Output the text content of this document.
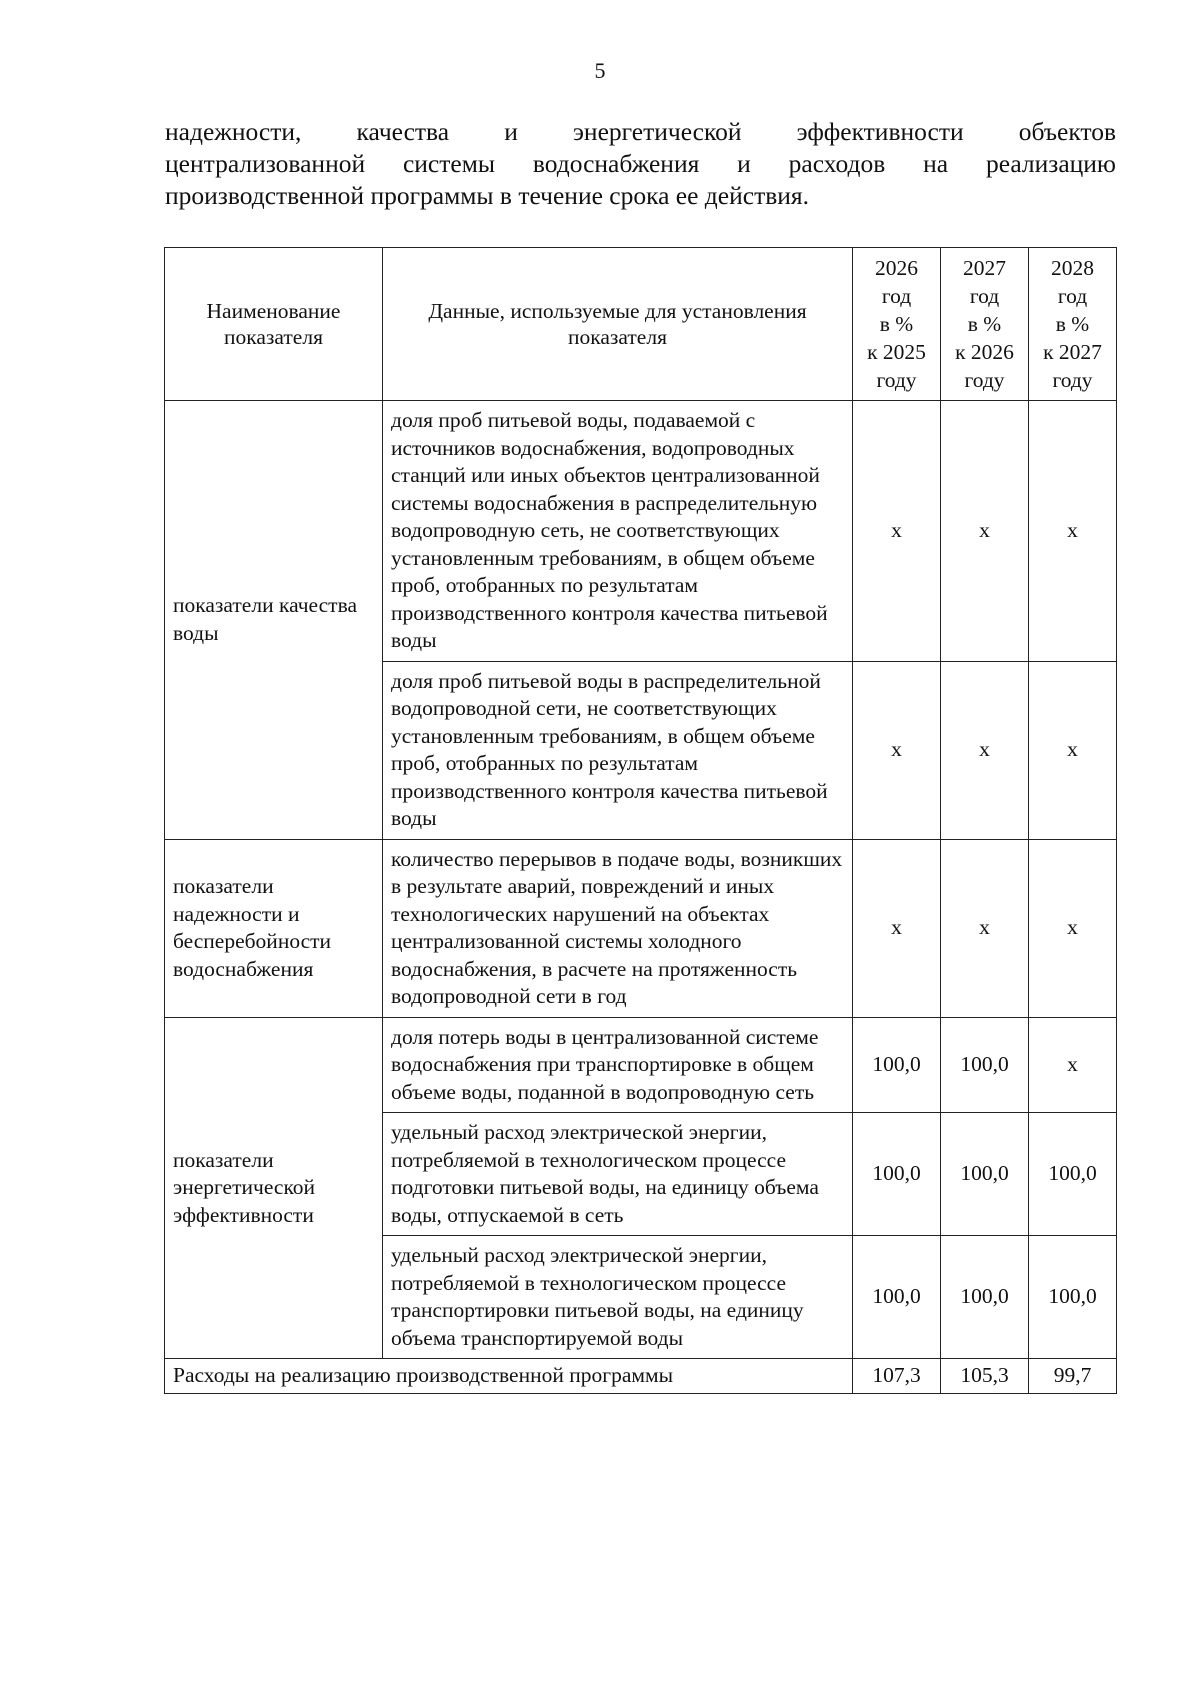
5

надежности, качества и энергетической эффективности объектов

централизованной системы водоснабжения и расходов на реализацию

производственной программы в течение срока ее действия.

Наименование показателя	Данные, используемые для установления показателя	2026
год
в %
к 2025
году	2027
год
в %
к 2026
году	2028
год
в %
к 2027
году

показатели качества воды	доля проб питьевой воды, подаваемой с источников водоснабжения, водопроводных станций или иных объектов централизованной системы водоснабжения в распределительную водопроводную сеть, не соответствующих установленным требованиям, в общем объеме проб, отобранных по результатам производственного контроля качества питьевой воды	х	х	х
	доля проб питьевой воды в распределительной водопроводной сети, не соответствующих установленным требованиям, в общем объеме проб, отобранных по результатам производственного контроля качества питьевой воды	х	х	х
показатели надежности и бесперебойности водоснабжения	количество перерывов в подаче воды, возникших в результате аварий, повреждений и иных технологических нарушений на объектах централизованной системы холодного водоснабжения, в расчете на протяженность водопроводной сети в год	х	х	х
показатели энергетической эффективности	доля потерь воды в централизованной системе водоснабжения при транспортировке в общем объеме воды, поданной в водопроводную сеть	100,0	100,0	х
	удельный расход электрической энергии, потребляемой в технологическом процессе подготовки питьевой воды, на единицу объема воды, отпускаемой в сеть	100,0	100,0	100,0
	удельный расход электрической энергии, потребляемой в технологическом процессе транспортировки питьевой воды, на единицу объема транспортируемой воды	100,0	100,0	100,0
Расходы на реализацию производственной программы		107,3	105,3	99,7
